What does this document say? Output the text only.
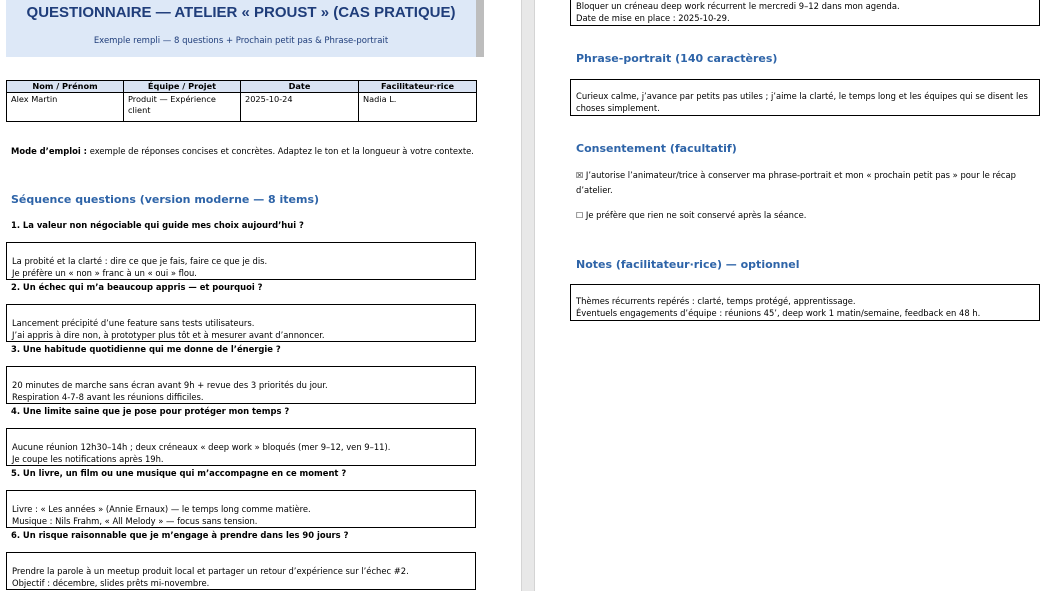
QUESTIONNAIRE — ATELIER « PROUST » (CAS PRATIQUE)
Exemple rempli — 8 questions + Prochain petit pas & Phrase-portrait
Nom / Prénom	Équipe / Projet	Date	Facilitateur·rice
Alex Martin	Produit — Expérience client	2025-10-24	Nadia L.
Mode d’emploi : exemple de réponses concises et concrètes. Adaptez le ton et la longueur à votre contexte.
Séquence questions (version moderne — 8 items)
1. La valeur non négociable qui guide mes choix aujourd’hui ?
La probité et la clarté : dire ce que je fais, faire ce que je dis.
Je préfère un « non » franc à un « oui » flou.
2. Un échec qui m’a beaucoup appris — et pourquoi ?
Lancement précipité d’une feature sans tests utilisateurs.
J’ai appris à dire non, à prototyper plus tôt et à mesurer avant d’annoncer.
3. Une habitude quotidienne qui me donne de l’énergie ?
20 minutes de marche sans écran avant 9h + revue des 3 priorités du jour.
Respiration 4-7-8 avant les réunions difficiles.
4. Une limite saine que je pose pour protéger mon temps ?
Aucune réunion 12h30–14h ; deux créneaux « deep work » bloqués (mer 9–12, ven 9–11).
Je coupe les notifications après 19h.
5. Un livre, un film ou une musique qui m’accompagne en ce moment ?
Livre : « Les années » (Annie Ernaux) — le temps long comme matière.
Musique : Nils Frahm, « All Melody » — focus sans tension.
6. Un risque raisonnable que je m’engage à prendre dans les 90 jours ?
Prendre la parole à un meetup produit local et partager un retour d’expérience sur l’échec #2.
Objectif : décembre, slides prêts mi-novembre.
Bloquer un créneau deep work récurrent le mercredi 9–12 dans mon agenda.
Date de mise en place : 2025-10-29.
Phrase-portrait (140 caractères)
Curieux calme, j’avance par petits pas utiles ; j’aime la clarté, le temps long et les équipes qui se disent les
choses simplement.
Consentement (facultatif)
☒ J’autorise l’animateur/trice à conserver ma phrase-portrait et mon « prochain petit pas » pour le récap
d’atelier.
☐ Je préfère que rien ne soit conservé après la séance.
Notes (facilitateur·rice) — optionnel
Thèmes récurrents repérés : clarté, temps protégé, apprentissage.
Éventuels engagements d’équipe : réunions 45’, deep work 1 matin/semaine, feedback en 48 h.
